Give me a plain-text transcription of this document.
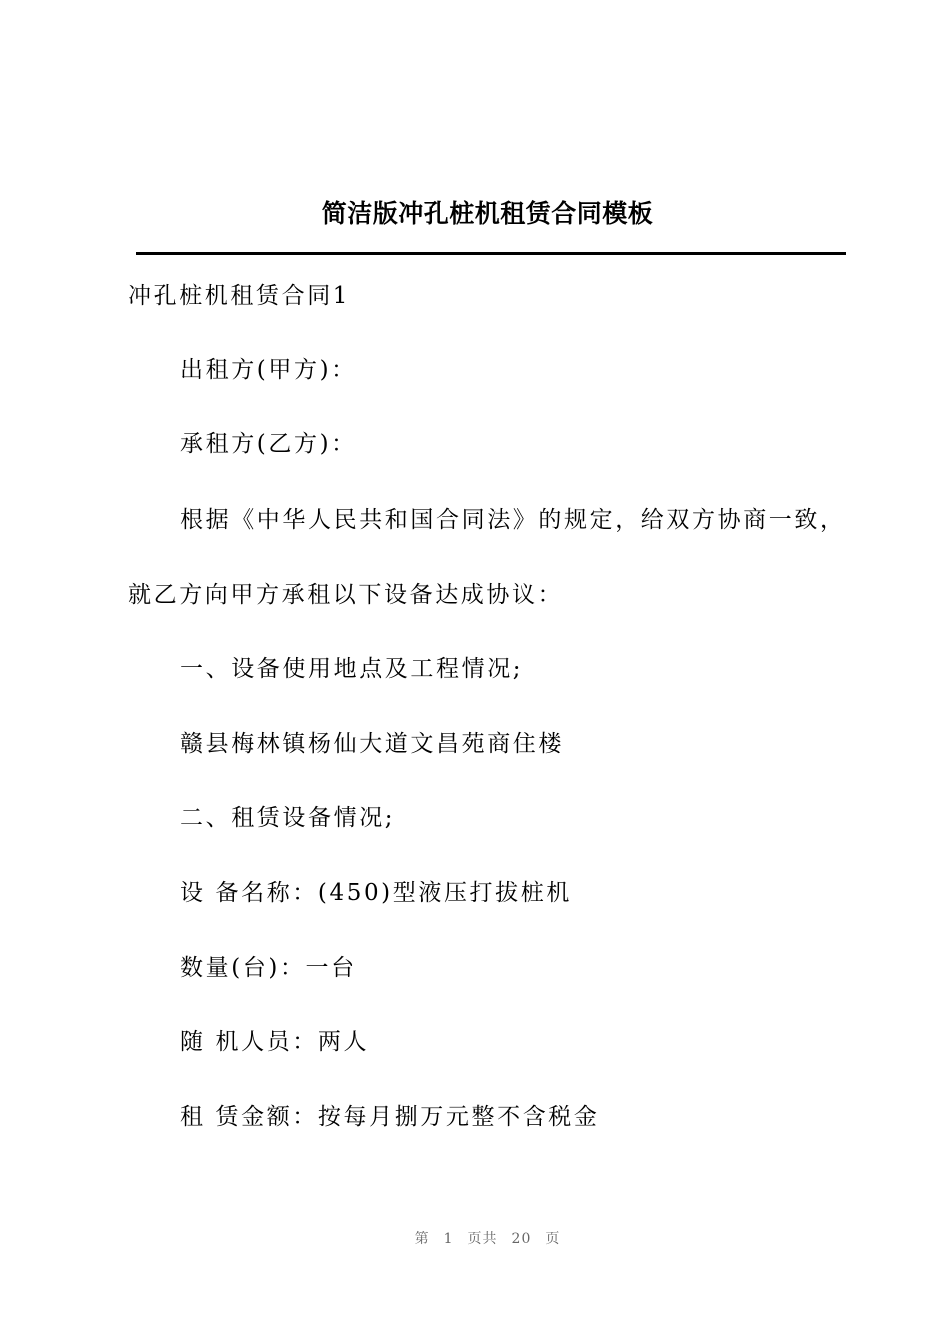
简洁版冲孔桩机租赁合同模板
冲孔桩机租赁合同1
出租方(甲方)：
承租方(乙方)：
根据《中华人民共和国合同法》的规定，给双方协商一致，
就乙方向甲方承租以下设备达成协议：
一、设备使用地点及工程情况;
赣县梅林镇杨仙大道文昌苑商住楼
二、租赁设备情况;
设 备名称：(450)型液压打拔桩机
数量(台)：一台
随 机人员：两人
租 赁金额：按每月捌万元整不含税金
第 1 页共 20 页
